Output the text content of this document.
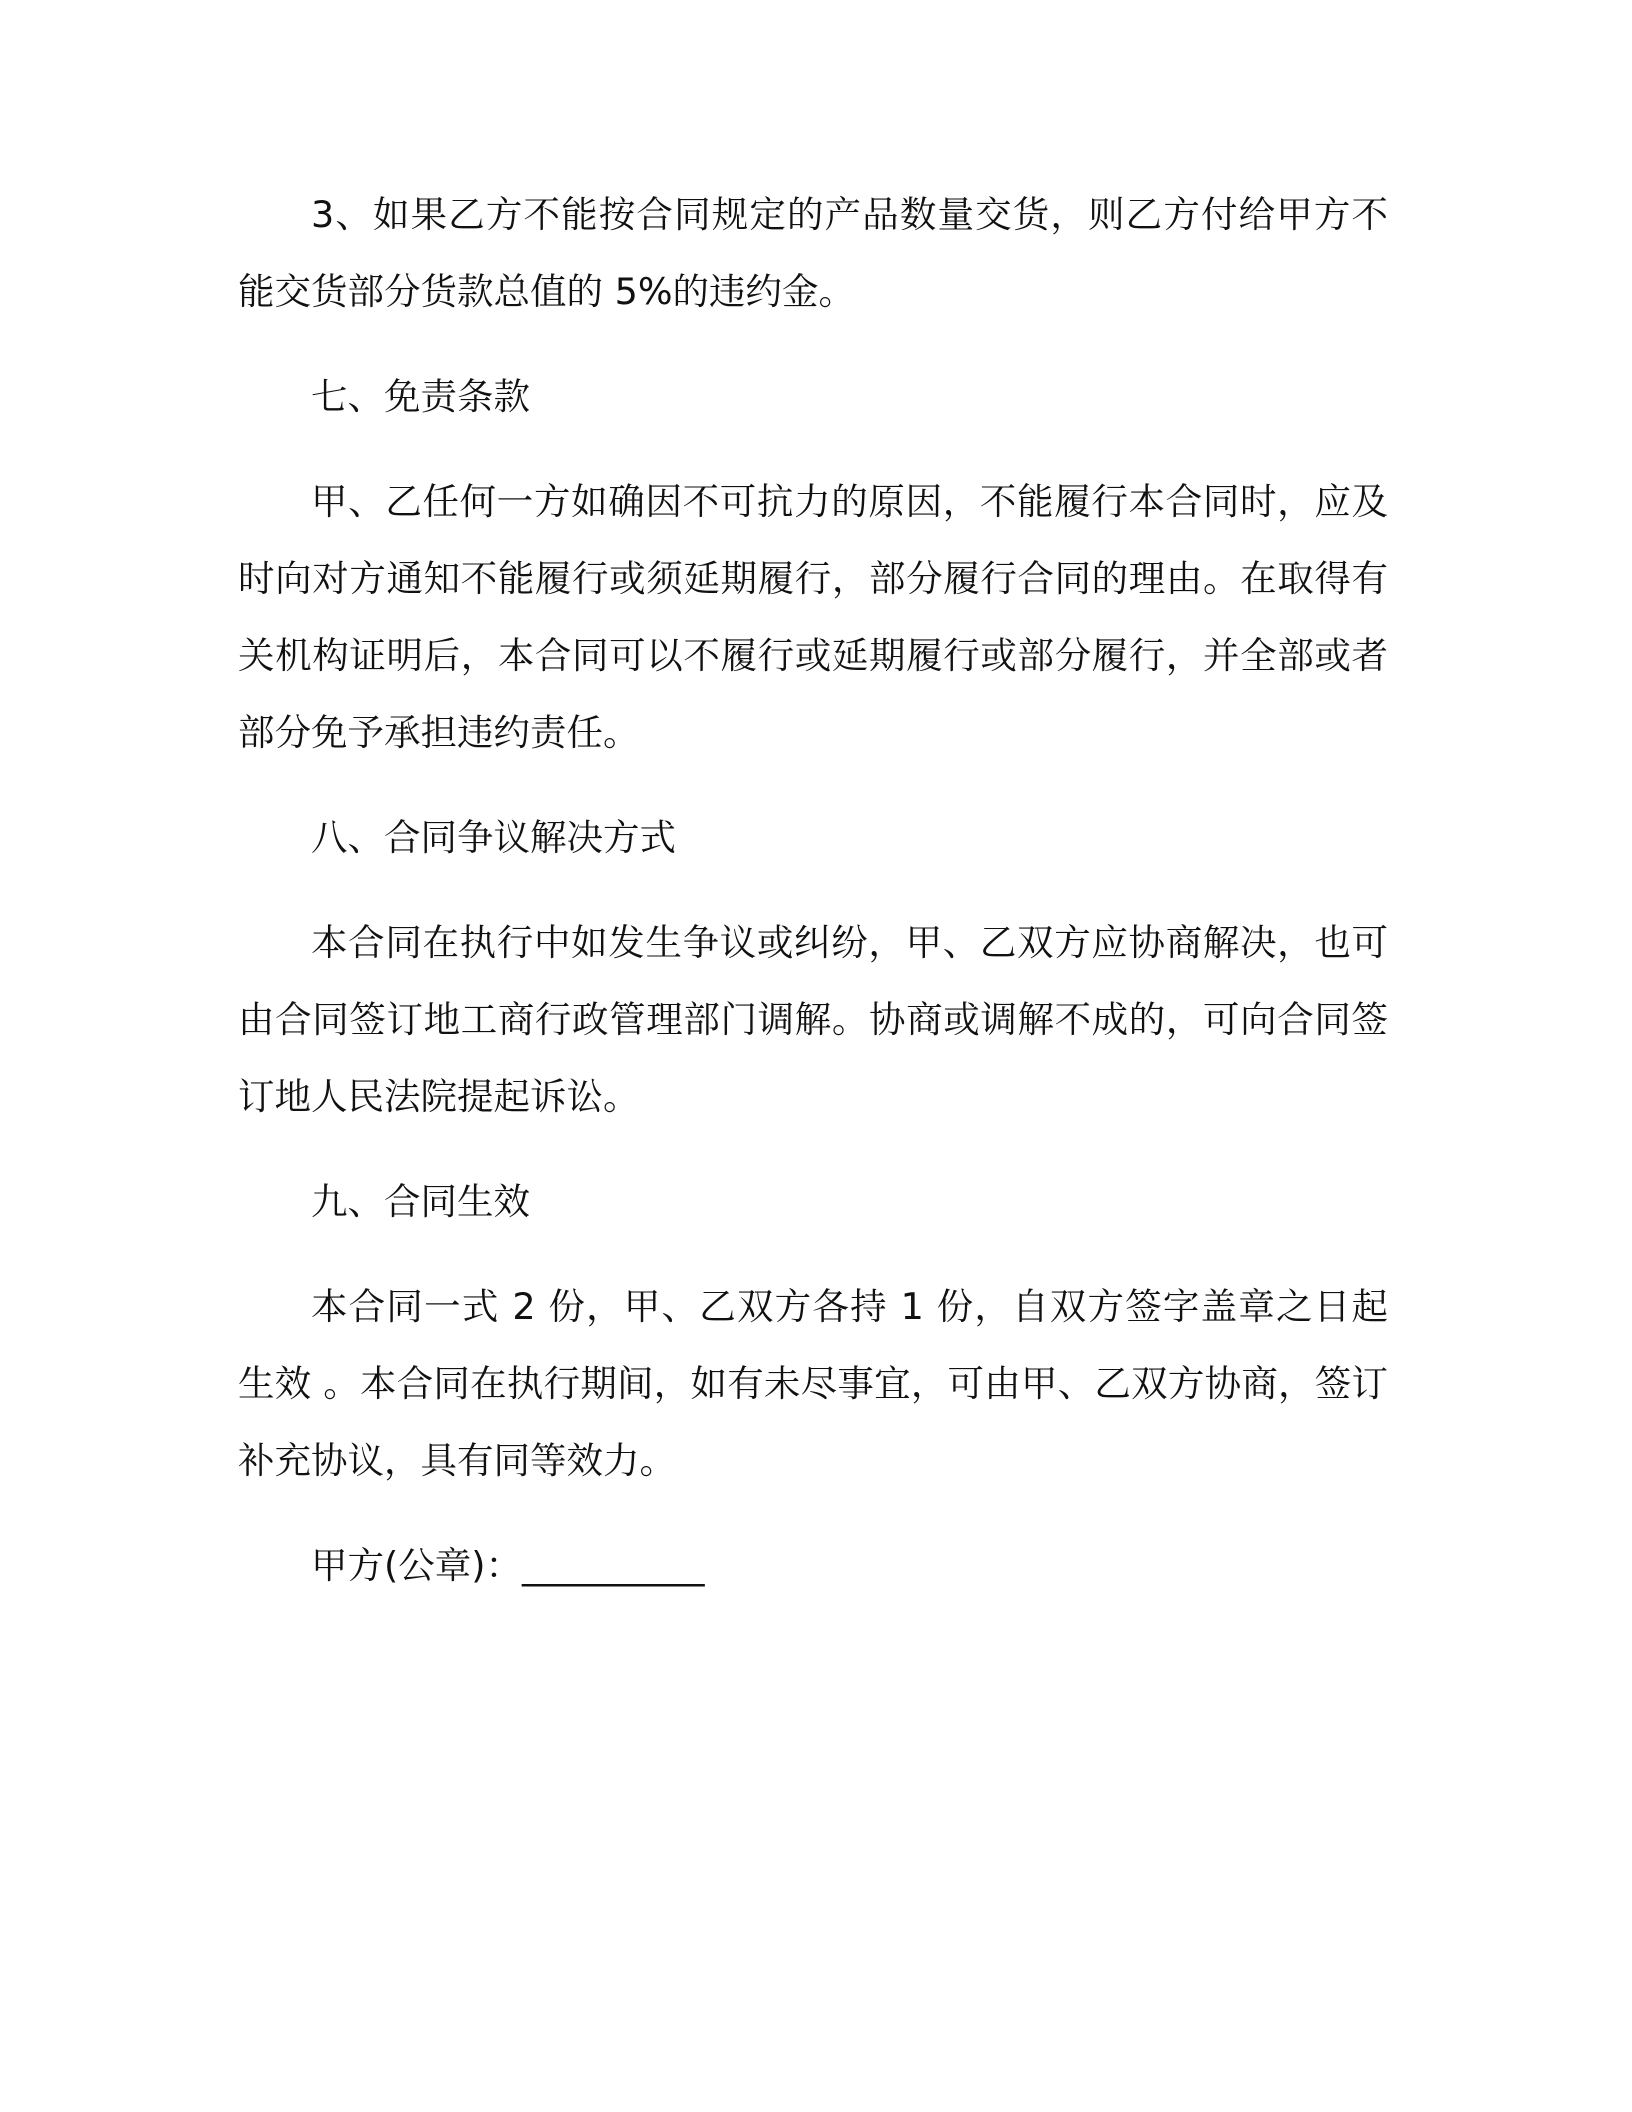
3、如果乙方不能按合同规定的产品数量交货，则乙方付给甲方不能交货部分货款总值的 5%的违约金。

七、免责条款

甲、乙任何一方如确因不可抗力的原因，不能履行本合同时，应及时向对方通知不能履行或须延期履行，部分履行合同的理由。在取得有关机构证明后，本合同可以不履行或延期履行或部分履行，并全部或者部分免予承担违约责任。

八、合同争议解决方式

本合同在执行中如发生争议或纠纷，甲、乙双方应协商解决，也可由合同签订地工商行政管理部门调解。协商或调解不成的，可向合同签订地人民法院提起诉讼。

九、合同生效

本合同一式 2 份，甲、乙双方各持 1 份，自双方签字盖章之日起生效 。本合同在执行期间，如有未尽事宜，可由甲、乙双方协商，签订补充协议，具有同等效力。

甲方(公章)：__________
